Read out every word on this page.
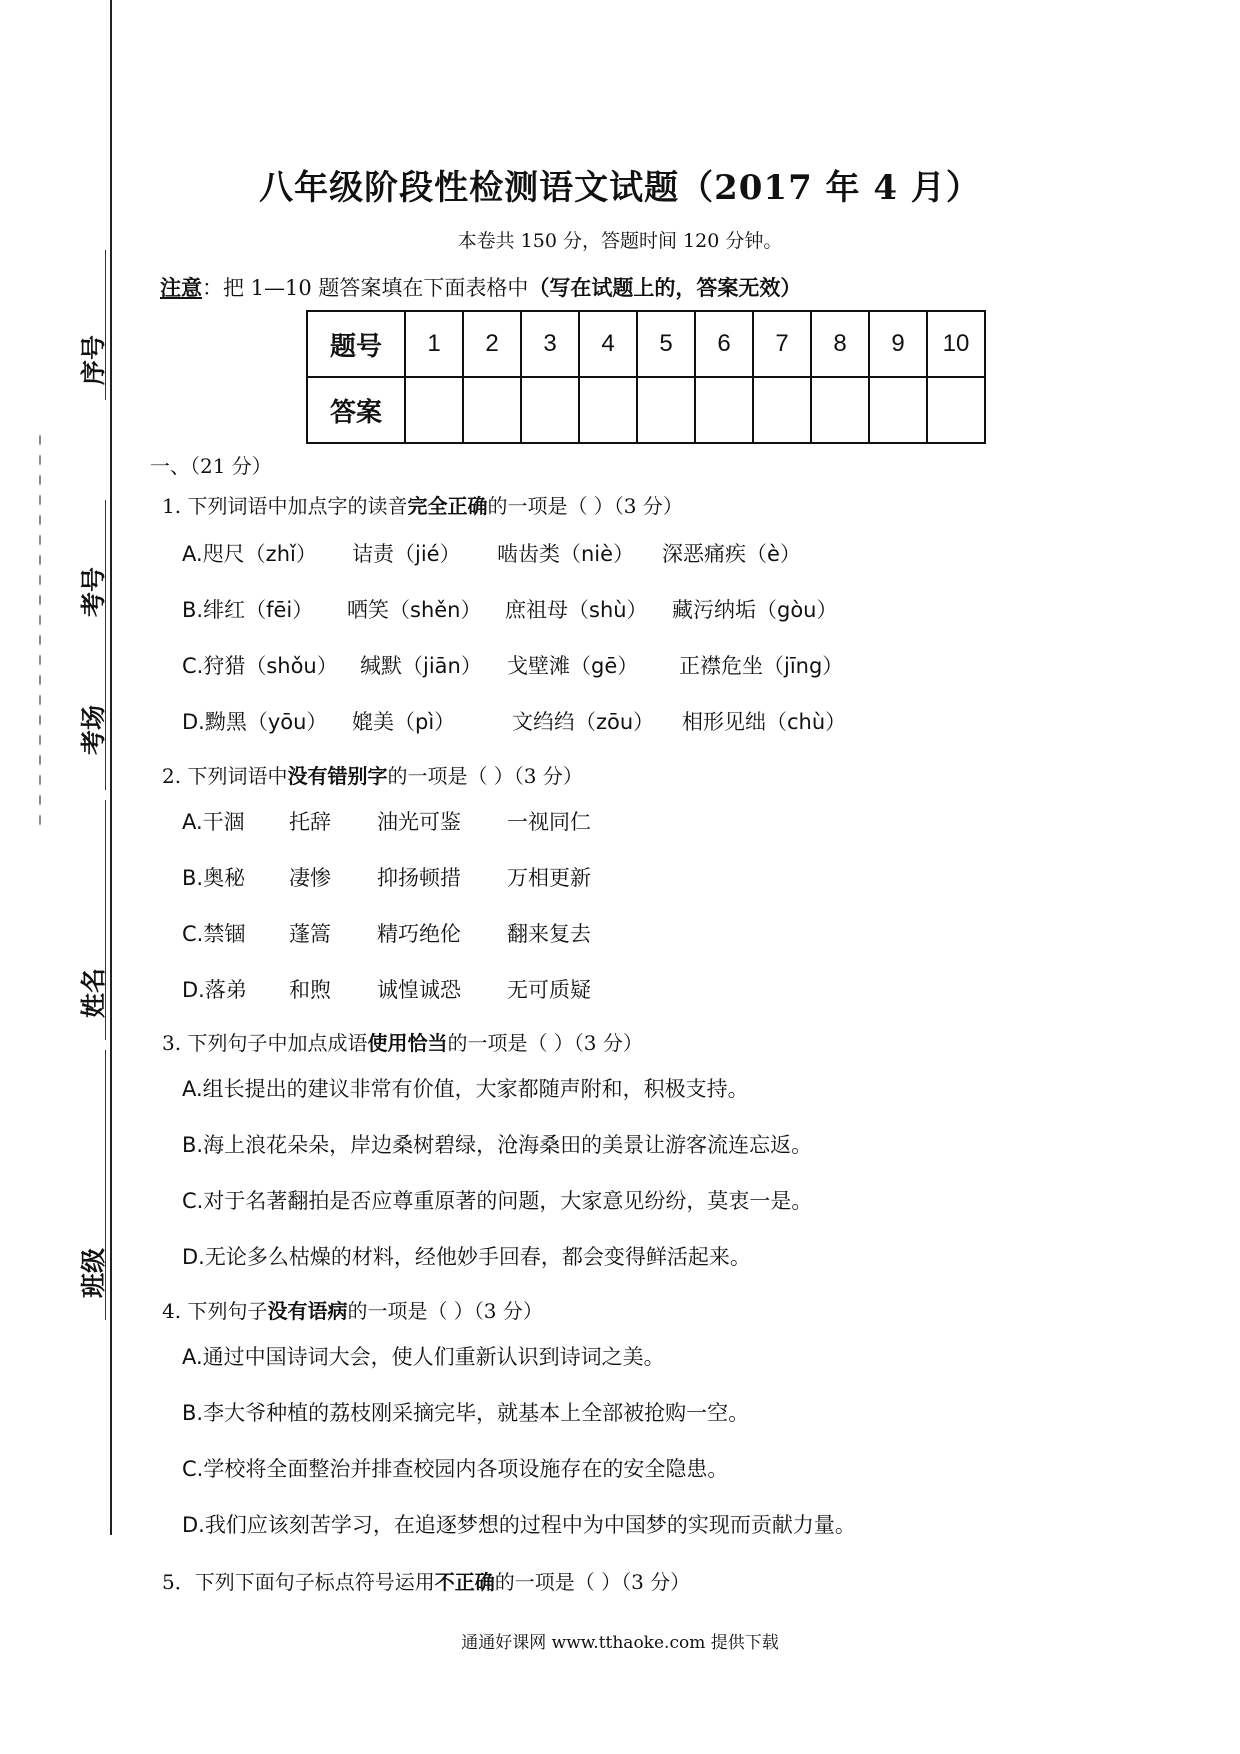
序号
考号
考场
姓名
班级
八年级阶段性检测语文试题（2017 年 4 月）
本卷共 150 分，答题时间 120 分钟。
注意：把 1—10 题答案填在下面表格中（写在试题上的，答案无效）
题号	1	2	3	4	5	6	7	8	9	10
答案										
一、（21 分）
1. 下列词语中加点字的读音完全正确的一项是（ ）（3 分）
A.咫尺（zhǐ） 诘责（jié） 啮齿类（niè） 深恶痛疾（è）
B.绯红（fēi） 哂笑（shěn） 庶祖母（shù） 藏污纳垢（gòu）
C.狩猎（shǒu） 缄默（jiān） 戈壁滩（gē） 正襟危坐（jīng）
D.黝黑（yōu） 媲美（pì）	文绉绉（zōu） 相形见绌（chù）
2. 下列词语中没有错别字的一项是（ ）（3 分）
A.干涸 托辞 油光可鉴 一视同仁
B.奥秘 凄惨 抑扬顿措 万相更新
C.禁锢 蓬篙 精巧绝伦 翻来复去
D.落弟 和煦 诚惶诚恐 无可质疑
3. 下列句子中加点成语使用恰当的一项是（ ）（3 分）
A.组长提出的建议非常有价值，大家都随声附和，积极支持。
B.海上浪花朵朵，岸边桑树碧绿，沧海桑田的美景让游客流连忘返。
C.对于名著翻拍是否应尊重原著的问题，大家意见纷纷，莫衷一是。
D.无论多么枯燥的材料，经他妙手回春，都会变得鲜活起来。
4. 下列句子没有语病的一项是（ ）（3 分）
A.通过中国诗词大会，使人们重新认识到诗词之美。
B.李大爷种植的荔枝刚采摘完毕，就基本上全部被抢购一空。
C.学校将全面整治并排查校园内各项设施存在的安全隐患。
D.我们应该刻苦学习，在追逐梦想的过程中为中国梦的实现而贡献力量。
5．下列下面句子标点符号运用不正确的一项是（ ）（3 分）
通通好课网 www.tthaoke.com 提供下载
